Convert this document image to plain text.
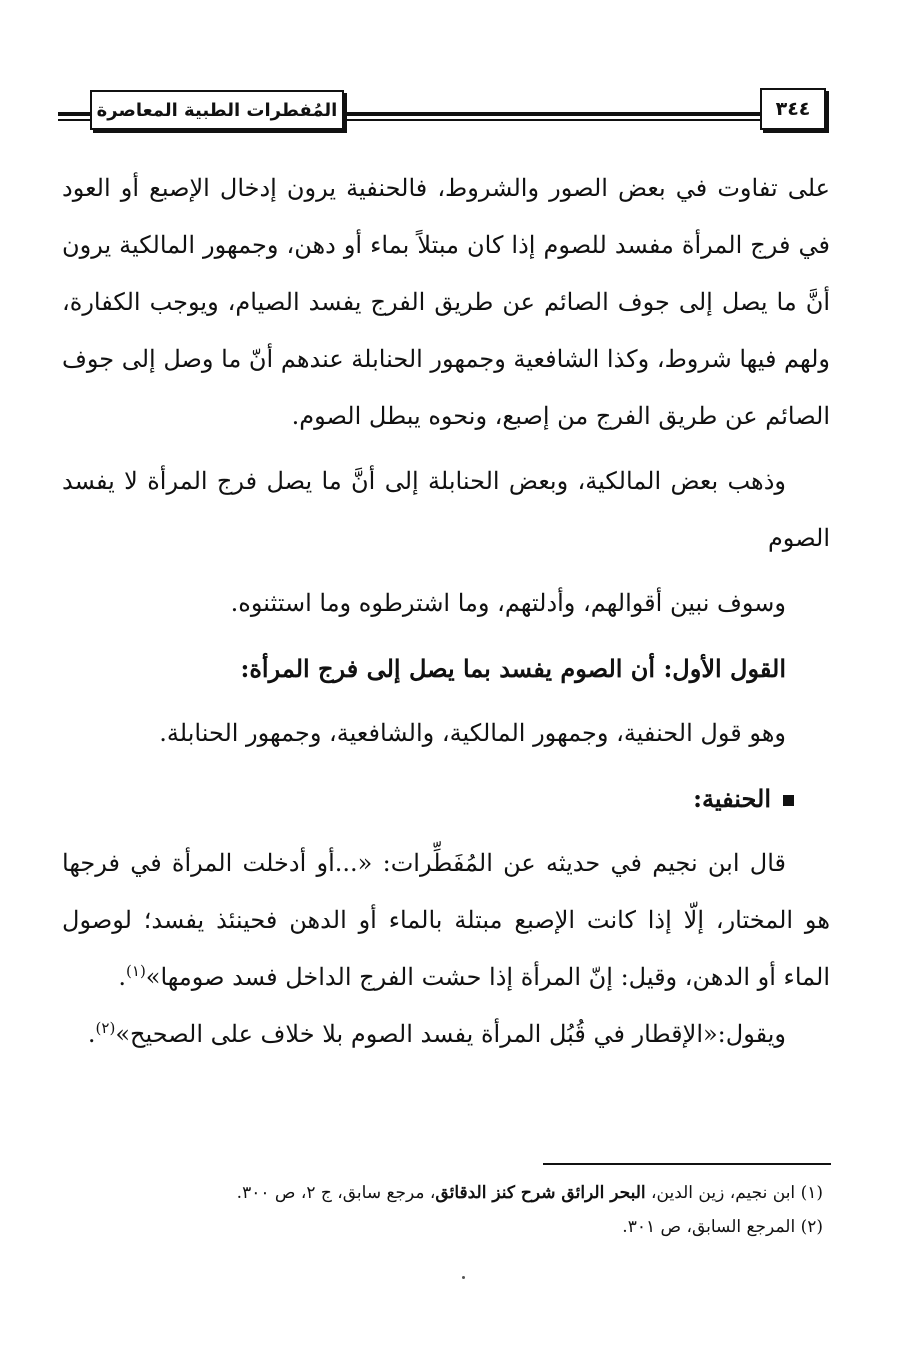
٣٤٤
المُفطرات الطبية المعاصرة

على تفاوت في بعض الصور والشروط، فالحنفية يرون إدخال الإصبع أو العود في فرج المرأة مفسد للصوم إذا كان مبتلاً بماء أو دهن، وجمهور المالكية يرون أنَّ ما يصل إلى جوف الصائم عن طريق الفرج يفسد الصيام، ويوجب الكفارة، ولهم فيها شروط، وكذا الشافعية وجمهور الحنابلة عندهم أنّ ما وصل إلى جوف الصائم عن طريق الفرج من إصبع، ونحوه يبطل الصوم.

وذهب بعض المالكية، وبعض الحنابلة إلى أنَّ ما يصل فرج المرأة لا يفسد الصوم

وسوف نبين أقوالهم، وأدلتهم، وما اشترطوه وما استثنوه.

القول الأول: أن الصوم يفسد بما يصل إلى فرج المرأة:

وهو قول الحنفية، وجمهور المالكية، والشافعية، وجمهور الحنابلة.

الحنفية:

قال ابن نجيم في حديثه عن المُفَطِّرات: «...أو أدخلت المرأة في فرجها هو المختار، إلّا إذا كانت الإصبع مبتلة بالماء أو الدهن فحينئذ يفسد؛ لوصول الماء أو الدهن، وقيل: إنّ المرأة إذا حشت الفرج الداخل فسد صومها»$^{(١)}$.

ويقول:«الإقطار في قُبُل المرأة يفسد الصوم بلا خلاف على الصحيح»$^{(٢)}$.

(١) ابن نجيم، زين الدين، البحر الرائق شرح كنز الدقائق، مرجع سابق، ج ٢، ص ٣٠٠.

(٢) المرجع السابق، ص ٣٠١.
